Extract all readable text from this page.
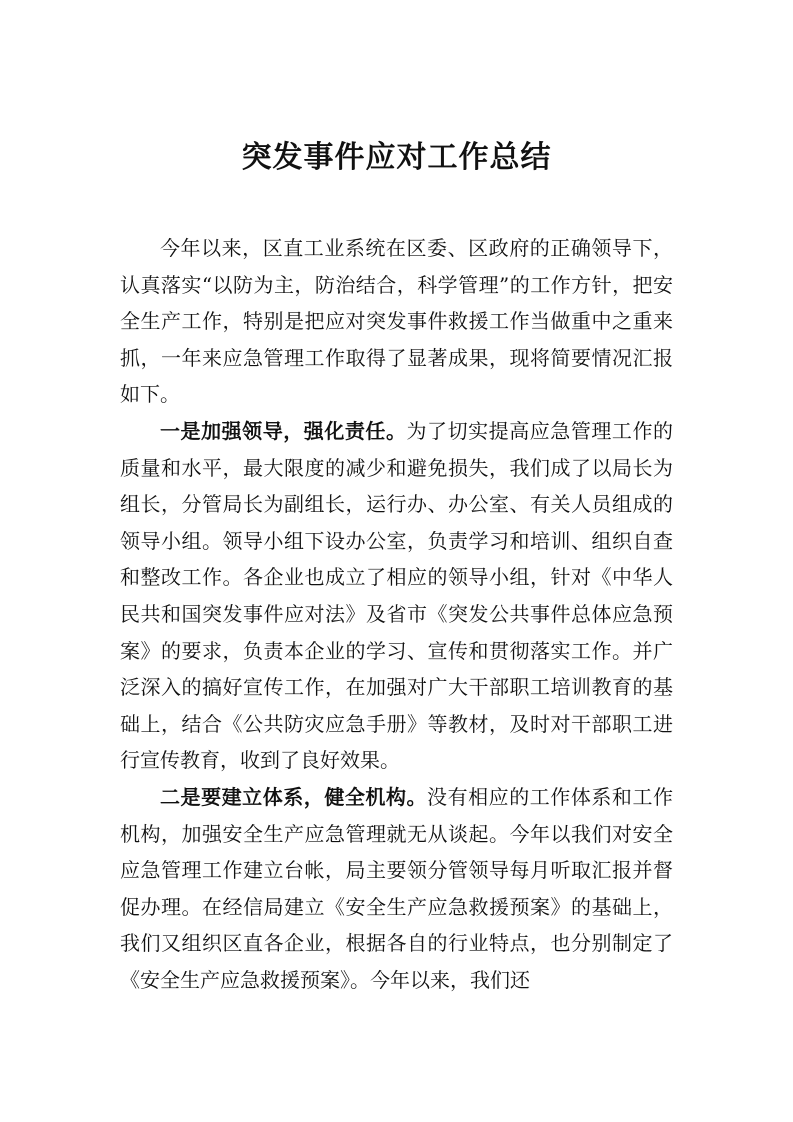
突发事件应对工作总结

今年以来，区直工业系统在区委、区政府的正确领导下，认真落实“以防为主，防治结合，科学管理”的工作方针，把安全生产工作，特别是把应对突发事件救援工作当做重中之重来抓，一年来应急管理工作取得了显著成果，现将简要情况汇报如下。

一是加强领导，强化责任。为了切实提高应急管理工作的质量和水平，最大限度的减少和避免损失，我们成了以局长为组长，分管局长为副组长，运行办、办公室、有关人员组成的领导小组。领导小组下设办公室，负责学习和培训、组织自查和整改工作。各企业也成立了相应的领导小组，针对《中华人民共和国突发事件应对法》及省市《突发公共事件总体应急预案》的要求，负责本企业的学习、宣传和贯彻落实工作。并广泛深入的搞好宣传工作，在加强对广大干部职工培训教育的基础上，结合《公共防灾应急手册》等教材，及时对干部职工进行宣传教育，收到了良好效果。

二是要建立体系，健全机构。没有相应的工作体系和工作机构，加强安全生产应急管理就无从谈起。今年以我们对安全应急管理工作建立台帐，局主要领分管领导每月听取汇报并督促办理。在经信局建立《安全生产应急救援预案》的基础上，我们又组织区直各企业，根据各自的行业特点，也分别制定了《安全生产应急救援预案》。今年以来，我们还
